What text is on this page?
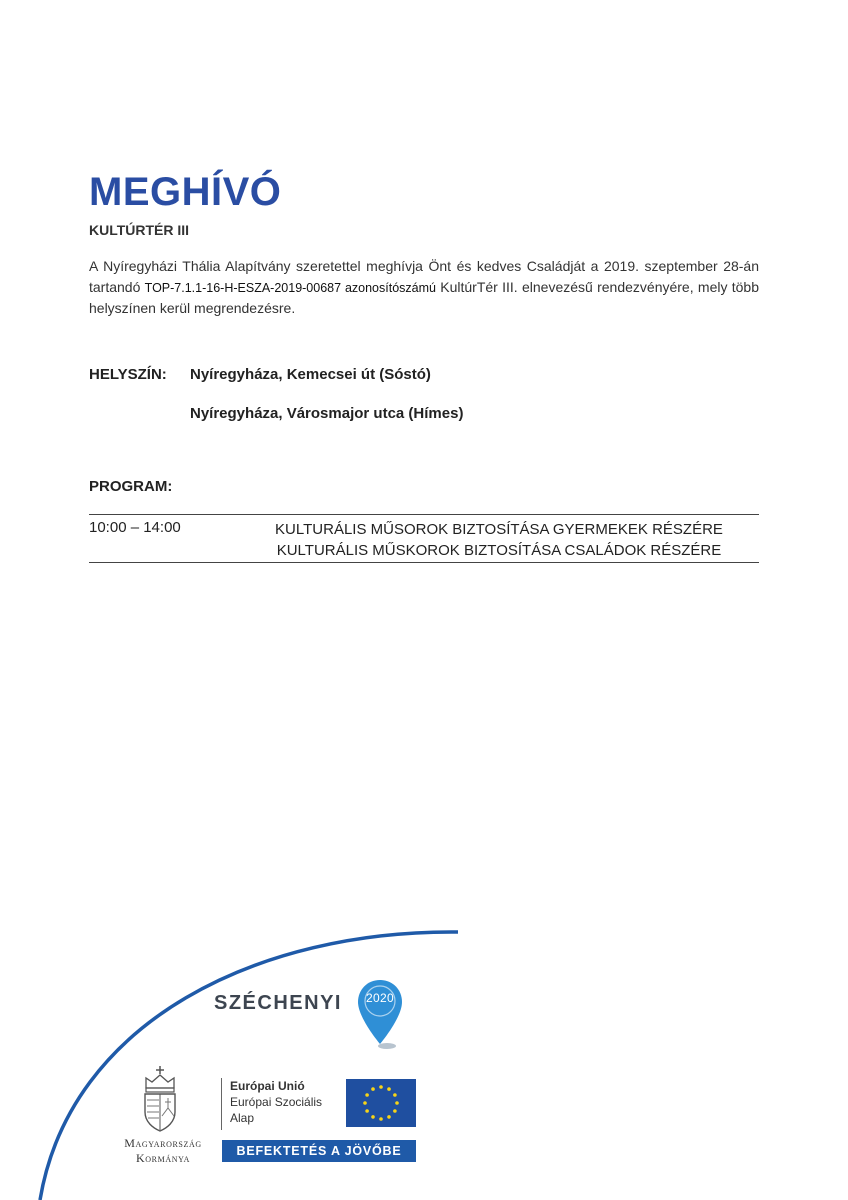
MEGHÍVÓ
KULTÚRTÉR III
A Nyíregyházi Thália Alapítvány szeretettel meghívja Önt és kedves Családját a 2019. szeptember 28-án tartandó TOP-7.1.1-16-H-ESZA-2019-00687 azonosítószámú KultúrTér III. elnevezésű rendezvényére, mely több helyszínen kerül megrendezésre.
HELYSZÍN: Nyíregyháza, Kemecsei út (Sóstó)
Nyíregyháza, Városmajor utca (Hímes)
PROGRAM:
10:00 – 14:00	KULTURÁLIS MŰSOROK BIZTOSÍTÁSA GYERMEKEK RÉSZÉRE
KULTURÁLIS MŰSKOROK BIZTOSÍTÁSA CSALÁDOK RÉSZÉRE
SZÉCHENYI	2020
Magyarország
Kormánya
Európai Unió
Európai Szociális
Alap
BEFEKTETÉS A JÖVŐBE
